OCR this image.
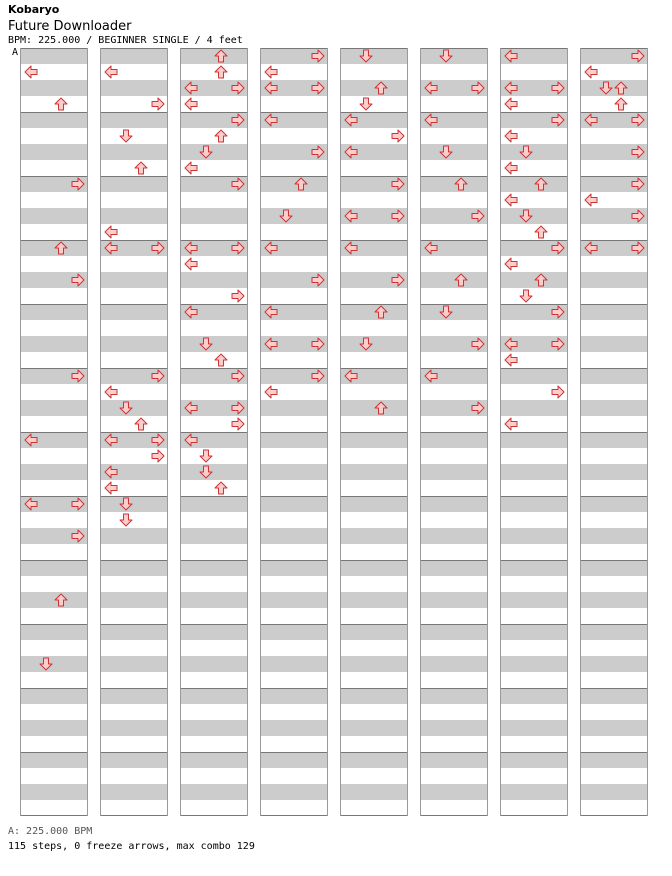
Kobaryo
Future Downloader
BPM: 225.000 / BEGINNER SINGLE / 4 feet
A
A: 225.000 BPM
115 steps, 0 freeze arrows, max combo 129
